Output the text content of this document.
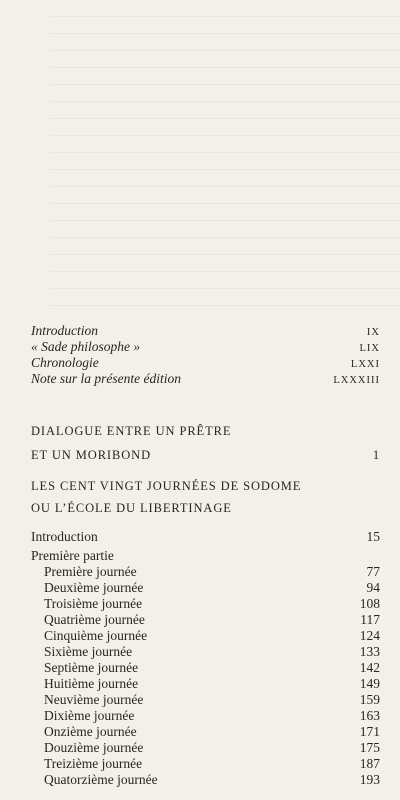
Introduction	IX
« Sade philosophe »	LIX
Chronologie	LXXI
Note sur la présente édition	LXXXIII
DIALOGUE ENTRE UN PRÊTRE
ET UN MORIBOND	1
LES CENT VINGT JOURNÉES DE SODOME
OU L’ÉCOLE DU LIBERTINAGE
Introduction	15
Première partie
Première journée	77
Deuxième journée	94
Troisième journée	108
Quatrième journée	117
Cinquième journée	124
Sixième journée	133
Septième journée	142
Huitième journée	149
Neuvième journée	159
Dixième journée	163
Onzième journée	171
Douzième journée	175
Treizième journée	187
Quatorzième journée	193
